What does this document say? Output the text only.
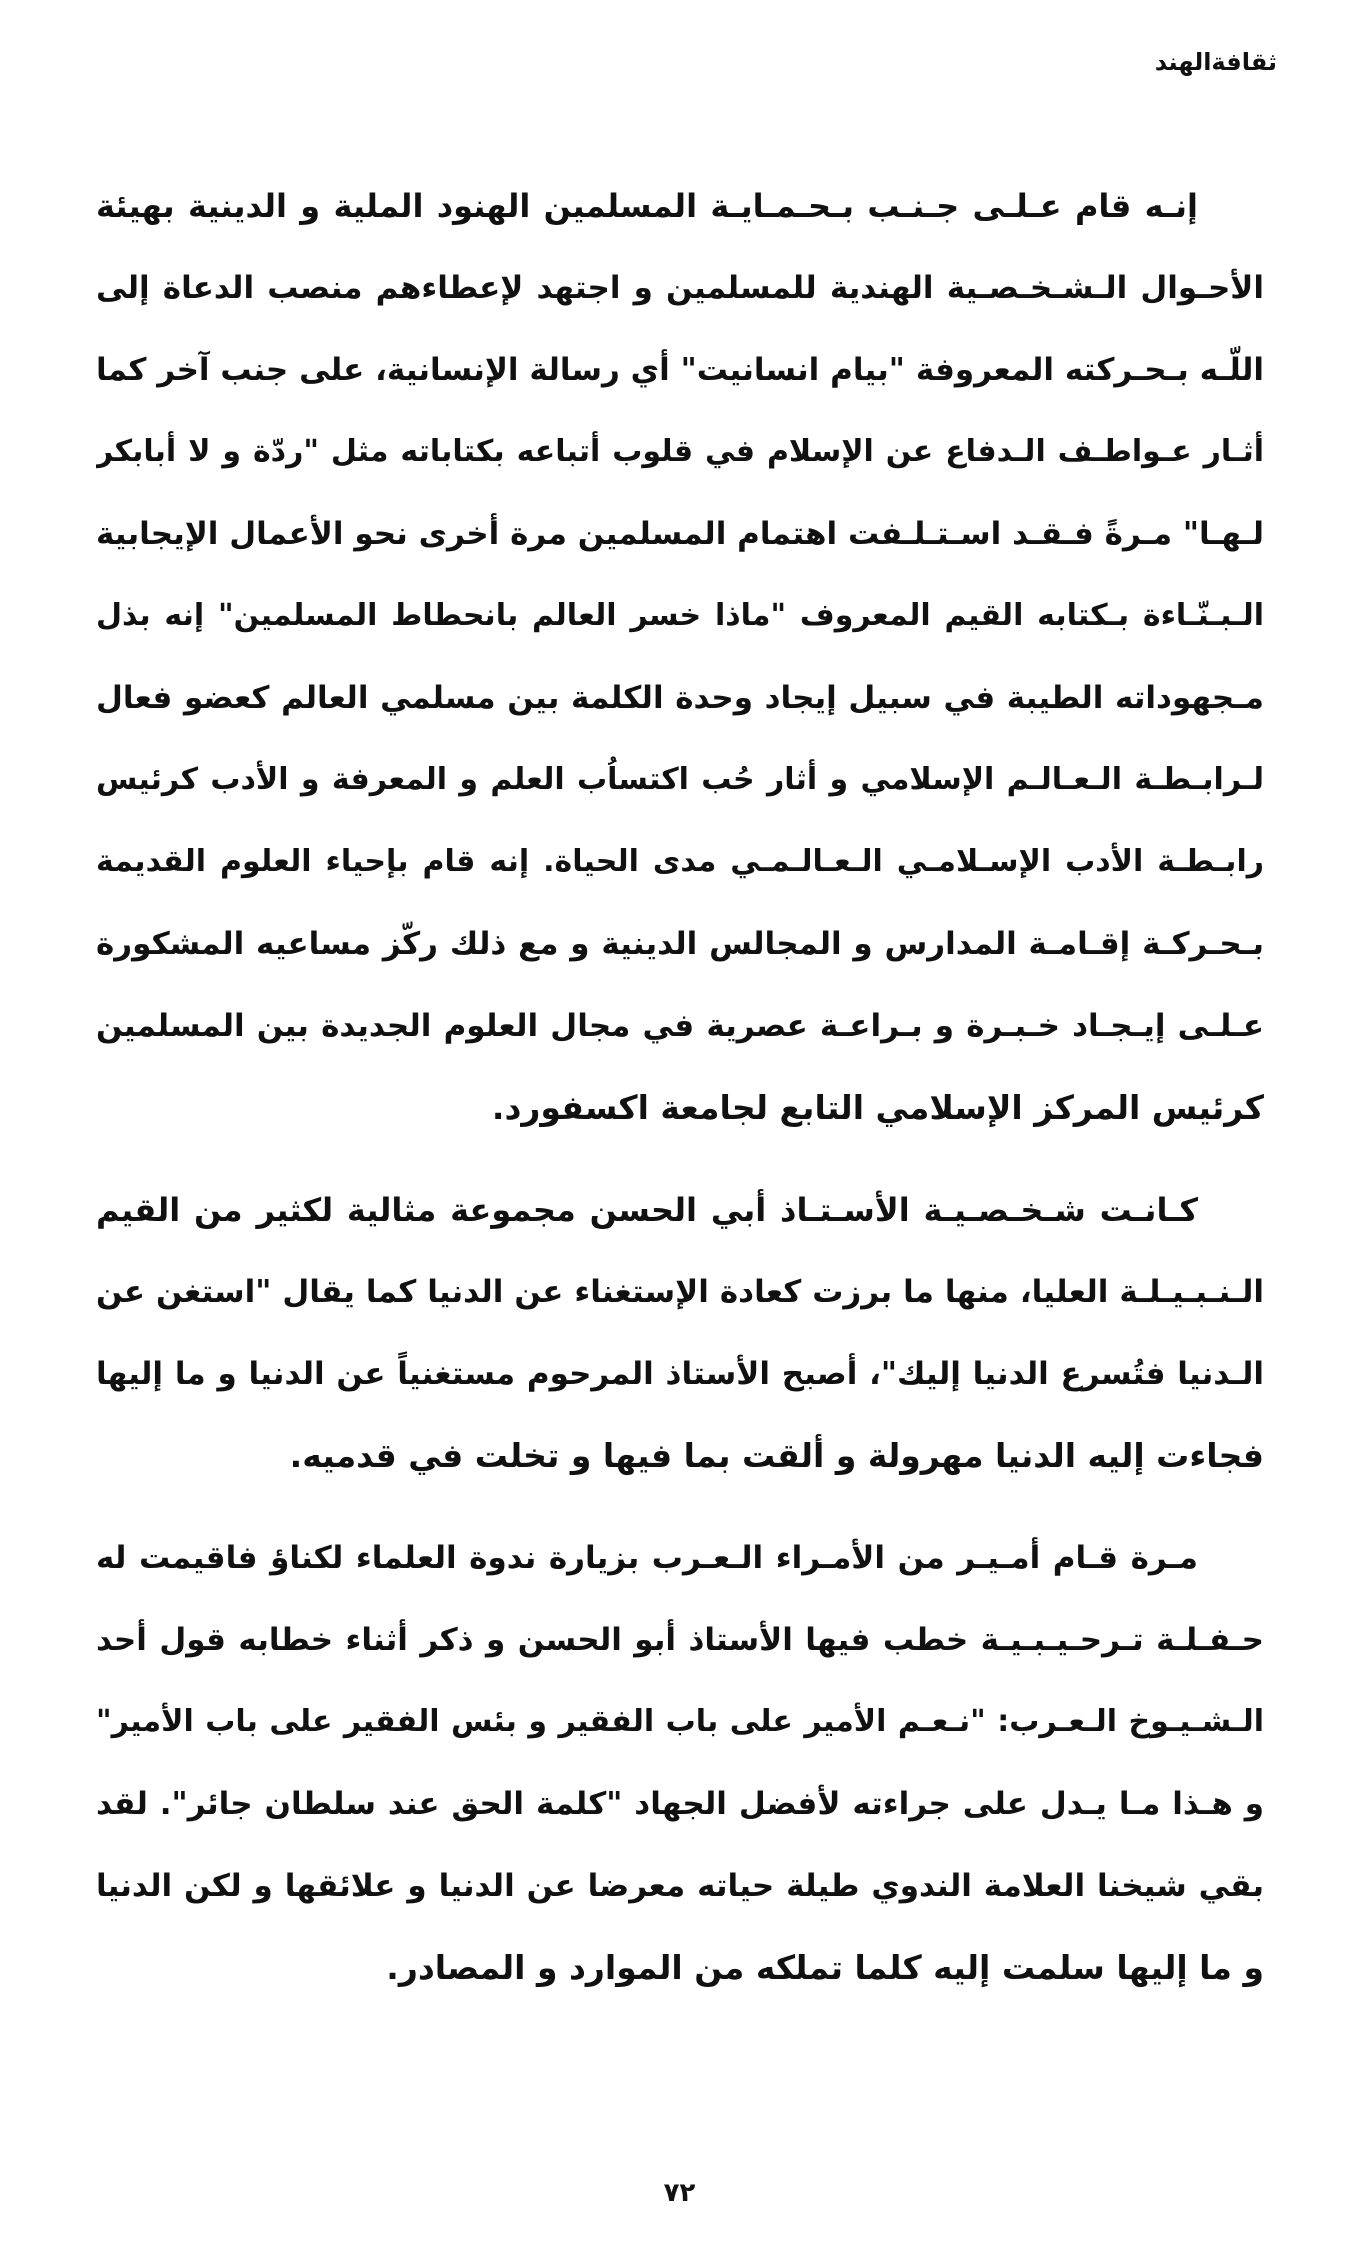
ثقافةالهند
إنـه قام عـلـى جـنـب بـحـمـايـة المسلمين الهنود الملية و الدينية بهيئة
الأحـوال الـشـخـصـية الهندية للمسلمين و اجتهد لإعطاءهم منصب الدعاة إلى
اللّـه بـحـركته المعروفة "بيام انسانيت" أي رسالة الإنسانية، على جنب آخر كما
أثـار عـواطـف الـدفاع عن الإسلام في قلوب أتباعه بكتاباته مثل "ردّة و لا أبابكر
لـهـا" مـرةً فـقـد اسـتـلـفت اهتمام المسلمين مرة أخرى نحو الأعمال الإيجابية
الـبـنّـاءة بـكتابه القيم المعروف "ماذا خسر العالم بانحطاط المسلمين" إنه بذل
مـجهوداته الطيبة في سبيل إيجاد وحدة الكلمة بين مسلمي العالم كعضو فعال
لـرابـطـة الـعـالـم الإسلامي و أثار حُب اكتساُب العلم و المعرفة و الأدب كرئيس
رابـطـة الأدب الإسـلامـي الـعـالـمـي مدى الحياة. إنه قام بإحياء العلوم القديمة
بـحـركـة إقـامـة المدارس و المجالس الدينية و مع ذلك ركّز مساعيه المشكورة
عـلـى إيـجـاد خـبـرة و بـراعـة عصرية في مجال العلوم الجديدة بين المسلمين
كرئيس المركز الإسلامي التابع لجامعة اكسفورد.
كـانـت شـخـصـيـة الأسـتـاذ أبي الحسن مجموعة مثالية لكثير من القيم
الـنـبـيـلـة العليا، منها ما برزت كعادة الإستغناء عن الدنيا كما يقال "استغن عن
الـدنيا فتُسرع الدنيا إليك"، أصبح الأستاذ المرحوم مستغنياً عن الدنيا و ما إليها
فجاءت إليه الدنيا مهرولة و ألقت بما فيها و تخلت في قدميه.
مـرة قـام أمـيـر من الأمـراء الـعـرب بزيارة ندوة العلماء لكناؤ فاقيمت له
حـفـلـة تـرحـيـبـيـة خطب فيها الأستاذ أبو الحسن و ذكر أثناء خطابه قول أحد
الـشـيـوخ الـعـرب: "نـعـم الأمير على باب الفقير و بئس الفقير على باب الأمير"
و هـذا مـا يـدل على جراءته لأفضل الجهاد "كلمة الحق عند سلطان جائر". لقد
بقي شيخنا العلامة الندوي طيلة حياته معرضا عن الدنيا و علائقها و لكن الدنيا
و ما إليها سلمت إليه كلما تملكه من الموارد و المصادر.
٧٢
